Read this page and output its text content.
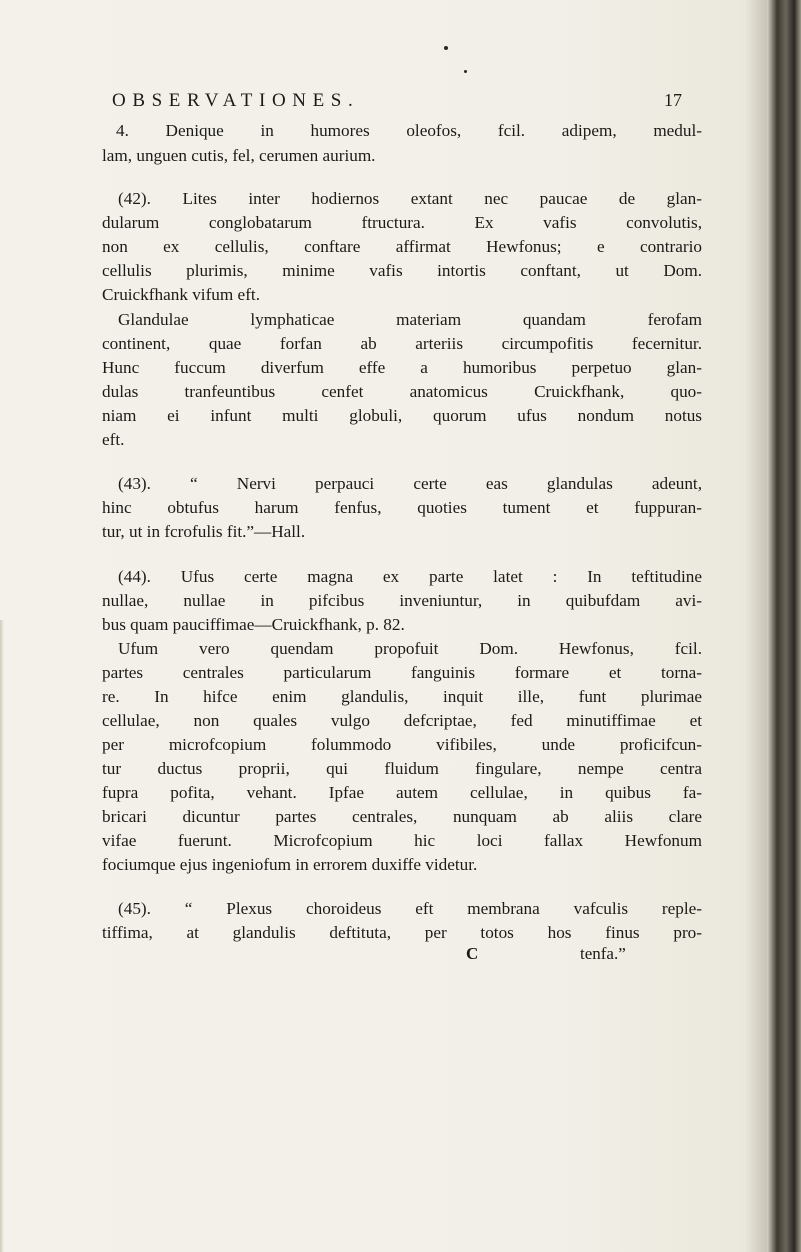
OBSERVATIONES.	17
4. Denique in humores oleofos, fcil. adipem, medul-
lam, unguen cutis, fel, cerumen aurium.
(42). Lites inter hodiernos extant nec paucae de glan-
dularum conglobatarum ftructura. Ex vafis convolutis,
non ex cellulis, conftare affirmat Hewfonus; e contrario
cellulis plurimis, minime vafis intortis conftant, ut Dom.
Cruickfhank vifum eft.
Glandulae lymphaticae materiam quandam ferofam
continent, quae forfan ab arteriis circumpofitis fecernitur.
Hunc fuccum diverfum effe a humoribus perpetuo glan-
dulas tranfeuntibus cenfet anatomicus Cruickfhank, quo-
niam ei infunt multi globuli, quorum ufus nondum notus
eft.
(43). “ Nervi perpauci certe eas glandulas adeunt,
hinc obtufus harum fenfus, quoties tument et fuppuran-
tur, ut in fcrofulis fit.”—Hall.
(44). Ufus certe magna ex parte latet : In teftitudine
nullae, nullae in pifcibus inveniuntur, in quibufdam avi-
bus quam pauciffimae—Cruickfhank, p. 82.
Ufum vero quendam propofuit Dom. Hewfonus, fcil.
partes centrales particularum fanguinis formare et torna-
re. In hifce enim glandulis, inquit ille, funt plurimae
cellulae, non quales vulgo defcriptae, fed minutiffimae et
per microfcopium folummodo vifibiles, unde proficifcun-
tur ductus proprii, qui fluidum fingulare, nempe centra
fupra pofita, vehant. Ipfae autem cellulae, in quibus fa-
bricari dicuntur partes centrales, nunquam ab aliis clare
vifae fuerunt. Microfcopium hic loci fallax Hewfonum
fociumque ejus ingeniofum in errorem duxiffe videtur.
(45). “ Plexus choroideus eft membrana vafculis reple-
tiffima, at glandulis deftituta, per totos hos finus pro-
C	tenfa.”
